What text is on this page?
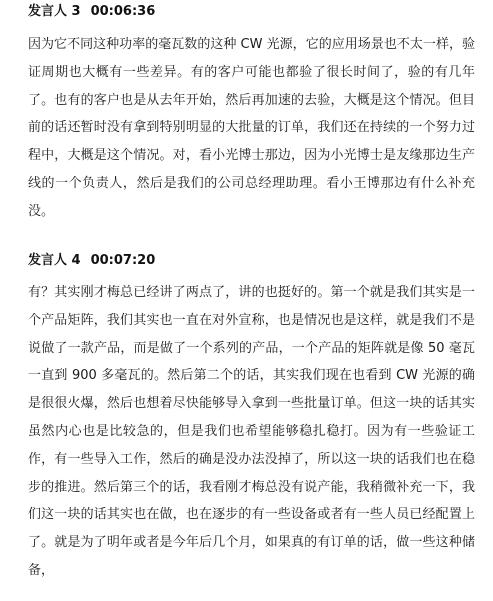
发言人 3 00:06:36

因为它不同这种功率的毫瓦数的这种 CW 光源，它的应用场景也不太一样，验证周期也大概有一些差异。有的客户可能也都验了很长时间了，验的有几年了。也有的客户也是从去年开始，然后再加速的去验，大概是这个情况。但目前的话还暂时没有拿到特别明显的大批量的订单，我们还在持续的一个努力过程中，大概是这个情况。对，看小光博士那边，因为小光博士是友缘那边生产线的一个负责人，然后是我们的公司总经理助理。看小王博那边有什么补充没。

发言人 4 00:07:20

有？其实刚才梅总已经讲了两点了，讲的也挺好的。第一个就是我们其实是一个产品矩阵，我们其实也一直在对外宣称，也是情况也是这样，就是我们不是说做了一款产品，而是做了一个系列的产品，一个产品的矩阵就是像 50 毫瓦一直到 900 多毫瓦的。然后第二个的话，其实我们现在也看到 CW 光源的确是很很火爆，然后也想着尽快能够导入拿到一些批量订单。但这一块的话其实虽然内心也是比较急的，但是我们也希望能够稳扎稳打。因为有一些验证工作，有一些导入工作，然后的确是没办法没掉了，所以这一块的话我们也在稳步的推进。然后第三个的话，我看刚才梅总没有说产能，我稍微补充一下，我们这一块的话其实也在做，也在逐步的有一些设备或者有一些人员已经配置上了。就是为了明年或者是今年后几个月，如果真的有订单的话，做一些这种储备，
